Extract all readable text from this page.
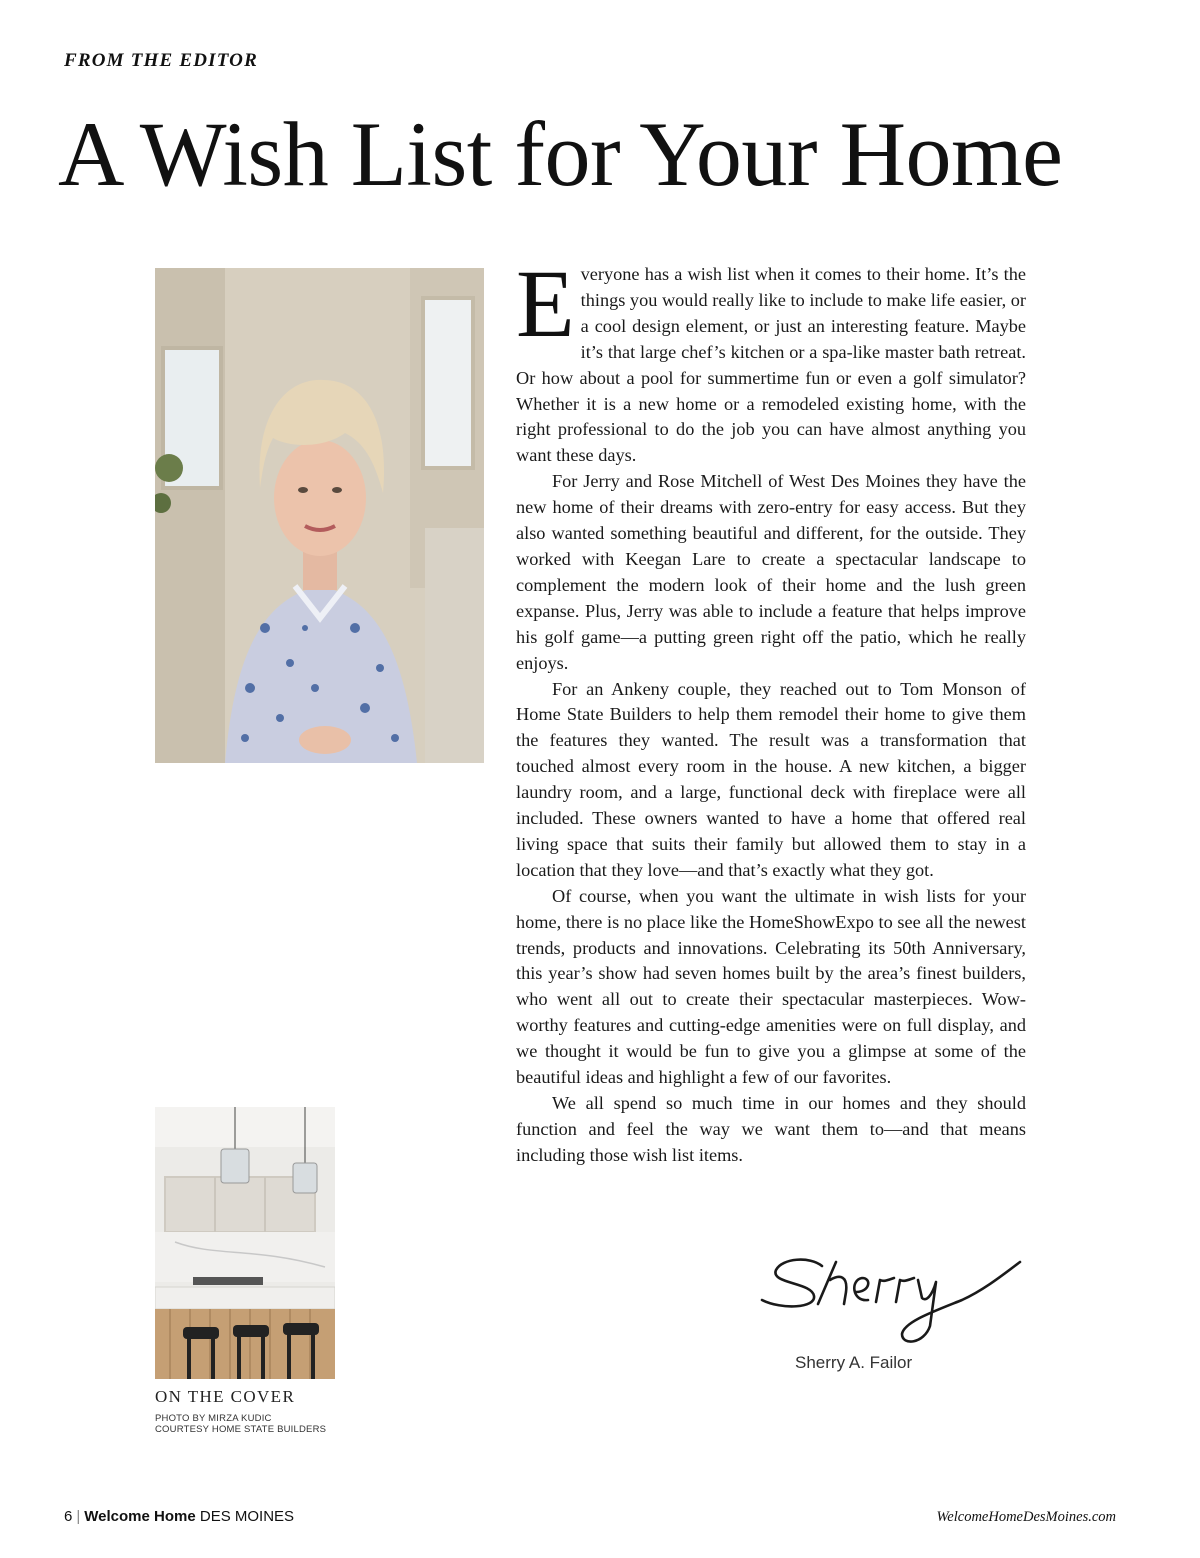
FROM THE EDITOR
A Wish List for Your Home

Everyone has a wish list when it comes to their home. It’s the things you would really like to include to make life easier, or a cool design element, or just an interesting feature. Maybe it’s that large chef’s kitchen or a spa-like master bath retreat. Or how about a pool for summertime fun or even a golf simulator? Whether it is a new home or a remodeled existing home, with the right professional to do the job you can have almost anything you want these days.

For Jerry and Rose Mitchell of West Des Moines they have the new home of their dreams with zero-entry for easy access. But they also wanted something beautiful and different, for the outside. They worked with Keegan Lare to create a spectacular landscape to complement the modern look of their home and the lush green expanse. Plus, Jerry was able to include a feature that helps improve his golf game—a putting green right off the patio, which he really enjoys.

For an Ankeny couple, they reached out to Tom Monson of Home State Builders to help them remodel their home to give them the features they wanted. The result was a transformation that touched almost every room in the house. A new kitchen, a bigger laundry room, and a large, functional deck with fireplace were all included. These owners wanted to have a home that offered real living space that suits their family but allowed them to stay in a location that they love—and that’s exactly what they got.

Of course, when you want the ultimate in wish lists for your home, there is no place like the HomeShowExpo to see all the newest trends, products and innovations. Celebrating its 50th Anniversary, this year’s show had seven homes built by the area’s finest builders, who went all out to create their spectacular masterpieces. Wow-worthy features and cutting-edge amenities were on full display, and we thought it would be fun to give you a glimpse at some of the beautiful ideas and highlight a few of our favorites.

We all spend so much time in our homes and they should function and feel the way we want them to—and that means including those wish list items.

Sherry A. Failor
ON THE COVER
PHOTO BY MIRZA KUDIC
COURTESY HOME STATE BUILDERS
6 | Welcome Home DES MOINES	WelcomeHomeDesMoines.com
